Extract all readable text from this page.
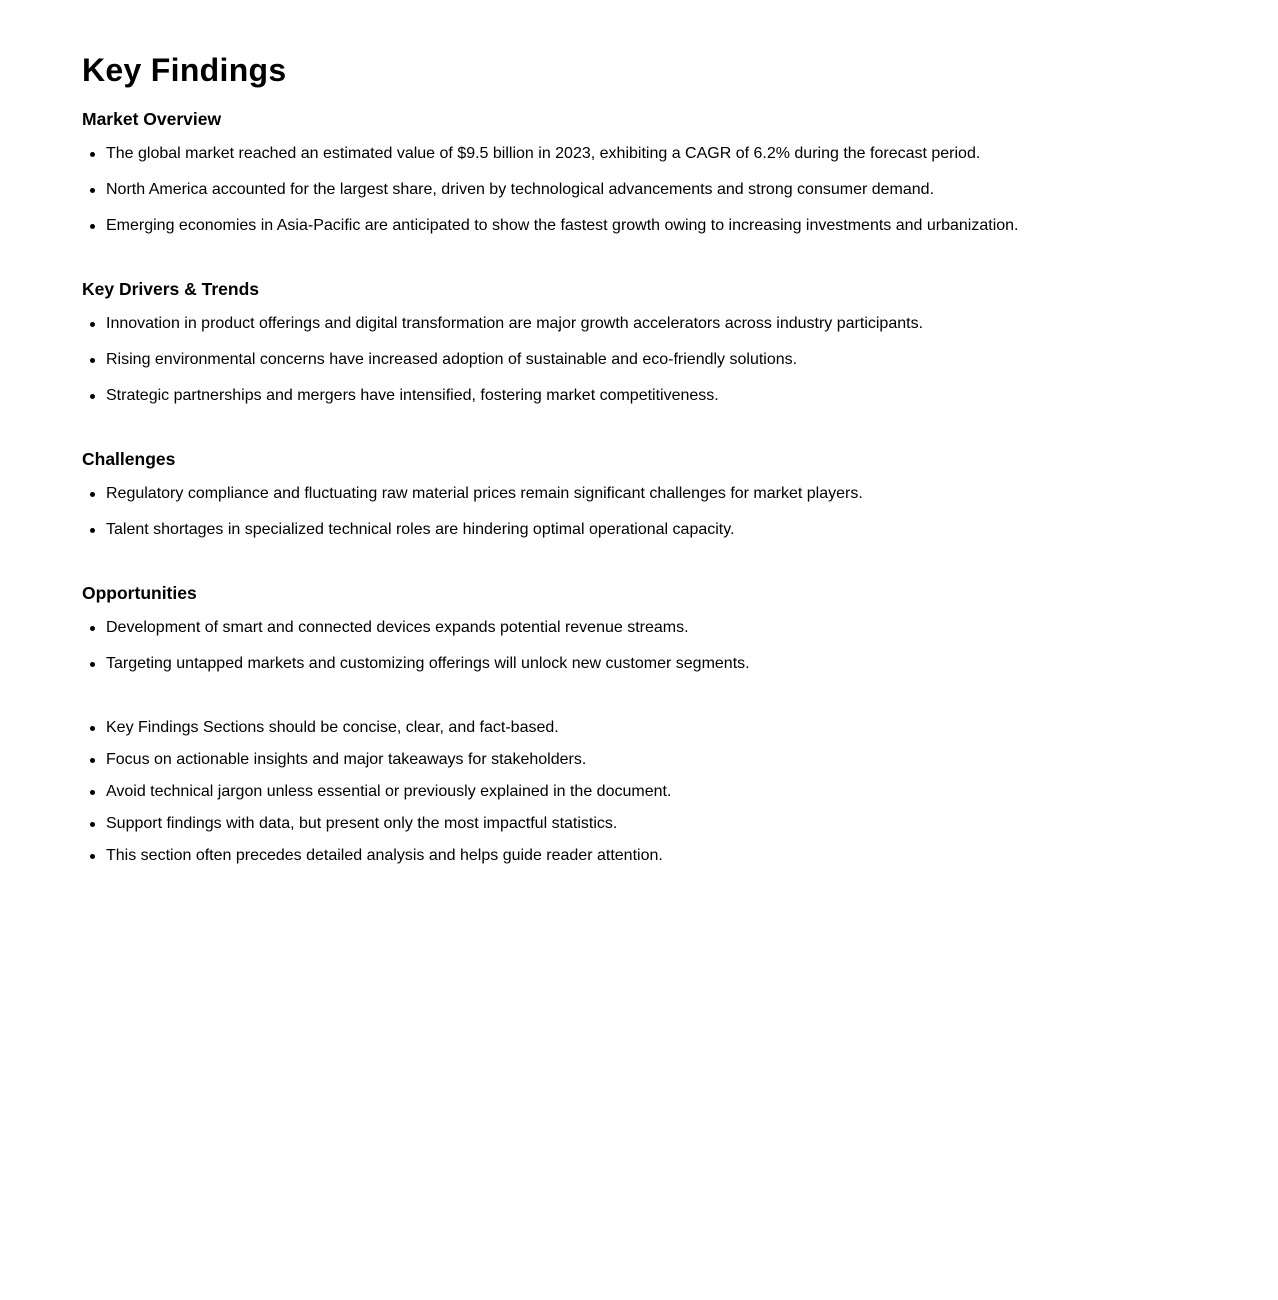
Key Findings
Market Overview
The global market reached an estimated value of $9.5 billion in 2023, exhibiting a CAGR of 6.2% during the forecast period.
North America accounted for the largest share, driven by technological advancements and strong consumer demand.
Emerging economies in Asia-Pacific are anticipated to show the fastest growth owing to increasing investments and urbanization.
Key Drivers & Trends
Innovation in product offerings and digital transformation are major growth accelerators across industry participants.
Rising environmental concerns have increased adoption of sustainable and eco-friendly solutions.
Strategic partnerships and mergers have intensified, fostering market competitiveness.
Challenges
Regulatory compliance and fluctuating raw material prices remain significant challenges for market players.
Talent shortages in specialized technical roles are hindering optimal operational capacity.
Opportunities
Development of smart and connected devices expands potential revenue streams.
Targeting untapped markets and customizing offerings will unlock new customer segments.
Key Findings Sections should be concise, clear, and fact-based.
Focus on actionable insights and major takeaways for stakeholders.
Avoid technical jargon unless essential or previously explained in the document.
Support findings with data, but present only the most impactful statistics.
This section often precedes detailed analysis and helps guide reader attention.
